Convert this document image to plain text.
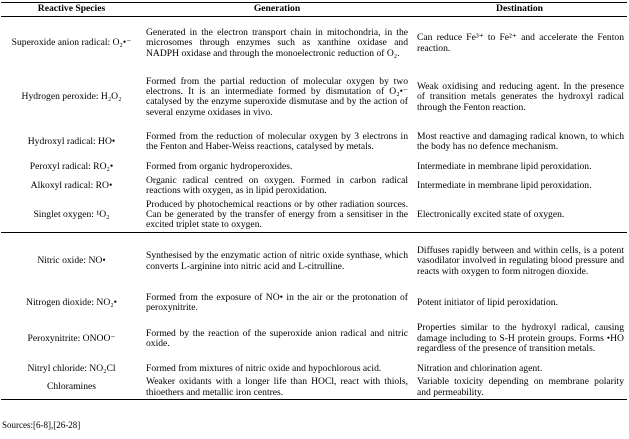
Reactive Species	Generation	Destination
Superoxide anion radical: O₂•⁻	Generated in the electron transport chain in mitochondria, in the microsomes through enzymes such as xanthine oxidase and NADPH oxidase and through the monoelectronic reduction of O₂.	Can reduce Fe³⁺ to Fe²⁺ and accelerate the Fenton reaction.
Hydrogen peroxide: H₂O₂	Formed from the partial reduction of molecular oxygen by two electrons. It is an intermediate formed by dismutation of O₂•⁻ catalysed by the enzyme superoxide dismutase and by the action of several enzyme oxidases in vivo.	Weak oxidising and reducing agent. In the presence of transition metals generates the hydroxyl radical through the Fenton reaction.
Hydroxyl radical: HO•	Formed from the reduction of molecular oxygen by 3 electrons in the Fenton and Haber-Weiss reactions, catalysed by metals.	Most reactive and damaging radical known, to which the body has no defence mechanism.
Peroxyl radical: RO₂•	Formed from organic hydroperoxides.	Intermediate in membrane lipid peroxidation.
Alkoxyl radical: RO•	Organic radical centred on oxygen. Formed in carbon radical reactions with oxygen, as in lipid peroxidation.	Intermediate in membrane lipid peroxidation.
Singlet oxygen: ¹O₂	Produced by photochemical reactions or by other radiation sources. Can be generated by the transfer of energy from a sensitiser in the excited triplet state to oxygen.	Electronically excited state of oxygen.
Nitric oxide: NO•	Synthesised by the enzymatic action of nitric oxide synthase, which converts L-arginine into nitric acid and L-citrulline.	Diffuses rapidly between and within cells, is a potent vasodilator involved in regulating blood pressure and reacts with oxygen to form nitrogen dioxide.
Nitrogen dioxide: NO₂•	Formed from the exposure of NO• in the air or the protonation of peroxynitrite.	Potent initiator of lipid peroxidation.
Peroxynitrite: ONOO⁻	Formed by the reaction of the superoxide anion radical and nitric oxide.	Properties similar to the hydroxyl radical, causing damage including to S-H protein groups. Forms •HO regardless of the presence of transition metals.
Nitryl chloride: NO₂Cl	Formed from mixtures of nitric oxide and hypochlorous acid.	Nitration and chlorination agent.
Chloramines	Weaker oxidants with a longer life than HOCl, react with thiols, thioethers and metallic iron centres.	Variable toxicity depending on membrane polarity and permeability.
Sources:[6-8],[26-28]
